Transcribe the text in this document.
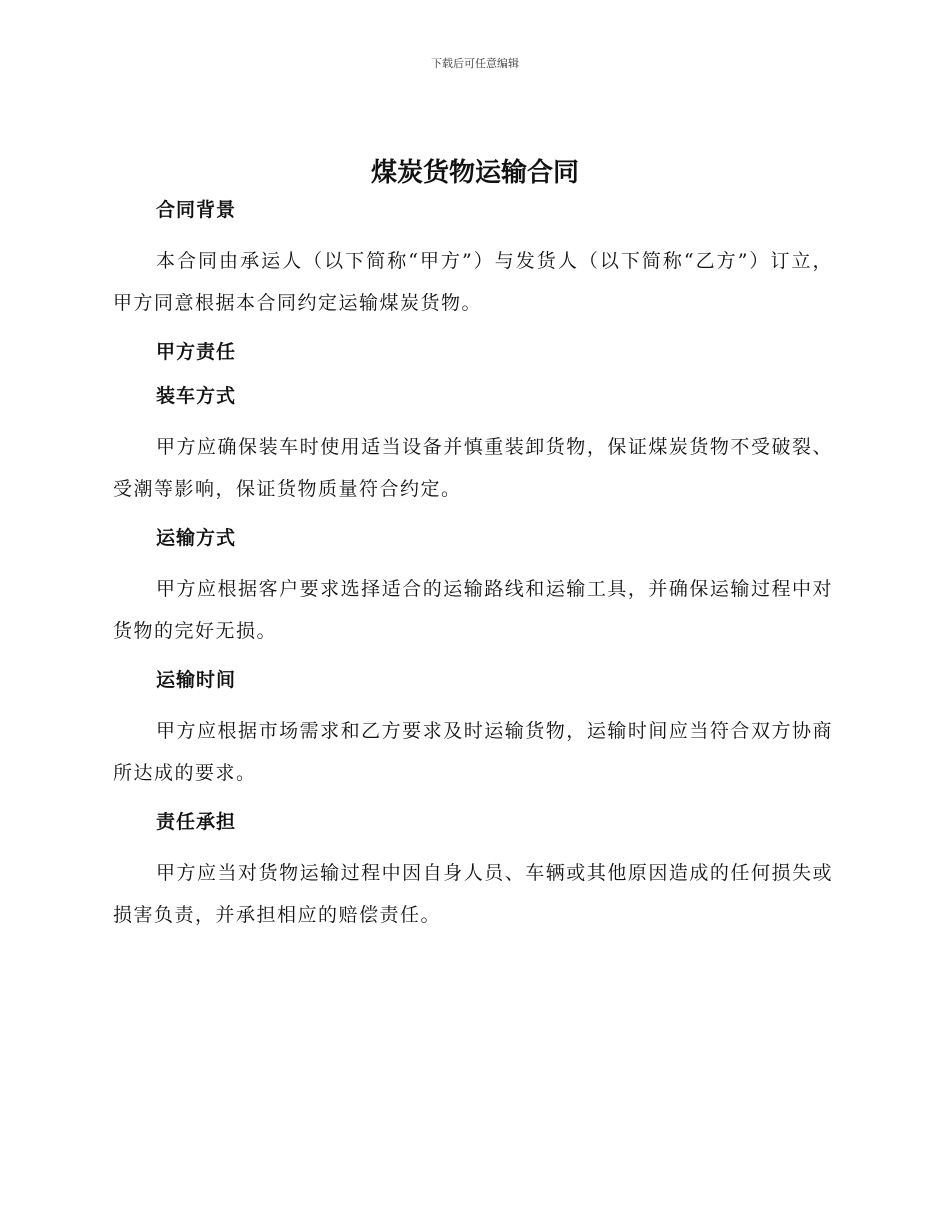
下载后可任意编辑
煤炭货物运输合同
合同背景
本合同由承运人（以下简称“甲方”）与发货人（以下简称“乙方”）订立，甲方同意根据本合同约定运输煤炭货物。
甲方责任
装车方式
甲方应确保装车时使用适当设备并慎重装卸货物，保证煤炭货物不受破裂、受潮等影响，保证货物质量符合约定。
运输方式
甲方应根据客户要求选择适合的运输路线和运输工具，并确保运输过程中对货物的完好无损。
运输时间
甲方应根据市场需求和乙方要求及时运输货物，运输时间应当符合双方协商所达成的要求。
责任承担
甲方应当对货物运输过程中因自身人员、车辆或其他原因造成的任何损失或损害负责，并承担相应的赔偿责任。
